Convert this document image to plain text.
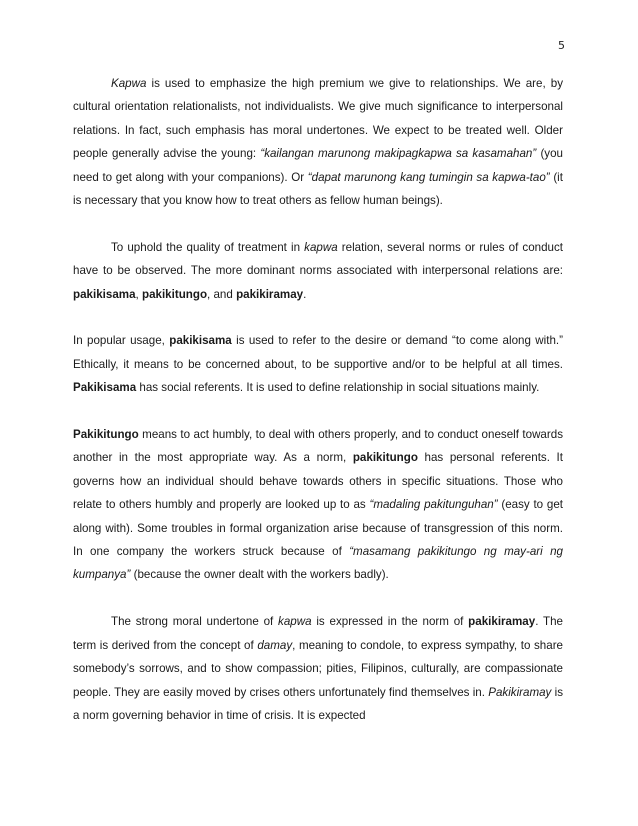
5

Kapwa is used to emphasize the high premium we give to relationships. We are, by cultural orientation relationalists, not individualists. We give much significance to interpersonal relations. In fact, such emphasis has moral undertones. We expect to be treated well. Older people generally advise the young: “kailangan marunong makipagkapwa sa kasamahan” (you need to get along with your companions). Or “dapat marunong kang tumingin sa kapwa-tao” (it is necessary that you know how to treat others as fellow human beings).

To uphold the quality of treatment in kapwa relation, several norms or rules of conduct have to be observed. The more dominant norms associated with interpersonal relations are: pakikisama, pakikitungo, and pakikiramay.

In popular usage, pakikisama is used to refer to the desire or demand “to come along with.” Ethically, it means to be concerned about, to be supportive and/or to be helpful at all times. Pakikisama has social referents. It is used to define relationship in social situations mainly.

Pakikitungo means to act humbly, to deal with others properly, and to conduct oneself towards another in the most appropriate way. As a norm, pakikitungo has personal referents. It governs how an individual should behave towards others in specific situations. Those who relate to others humbly and properly are looked up to as “madaling pakitunguhan” (easy to get along with). Some troubles in formal organization arise because of transgression of this norm. In one company the workers struck because of “masamang pakikitungo ng may-ari ng kumpanya” (because the owner dealt with the workers badly).

The strong moral undertone of kapwa is expressed in the norm of pakikiramay. The term is derived from the concept of damay, meaning to condole, to express sympathy, to share somebody’s sorrows, and to show compassion; pities, Filipinos, culturally, are compassionate people. They are easily moved by crises others unfortunately find themselves in. Pakikiramay is a norm governing behavior in time of crisis. It is expected
